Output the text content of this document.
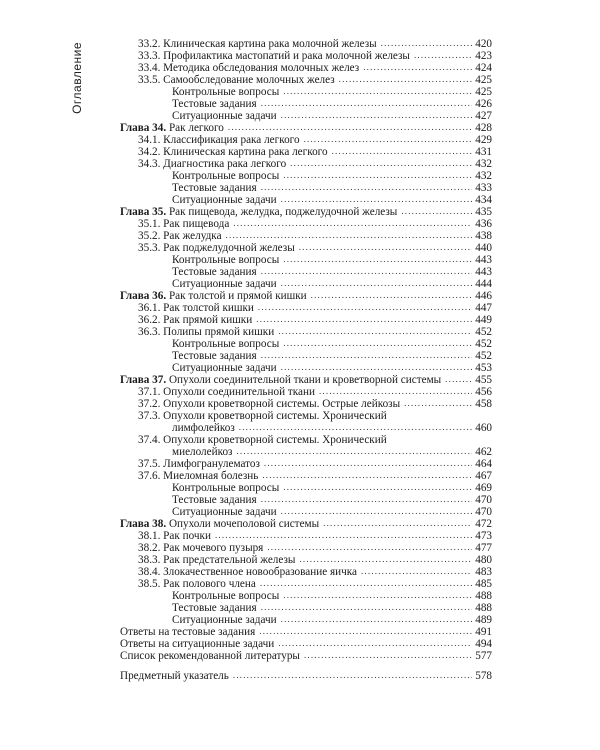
Оглавление	33.2. Клиническая картина рака молочной железы .....	420
33.3. Профилактика мастопатий и рака молочной железы .....	423
33.4. Методика обследования молочных желез .....	424
33.5. Самообследование молочных желез .....	425
Контрольные вопросы .....	425
Тестовые задания .....	426
Ситуационные задачи .....	427
Глава 34. Рак легкого .....	428
34.1. Классификация рака легкого .....	429
34.2. Клиническая картина рака легкого .....	431
34.3. Диагностика рака легкого .....	432
Контрольные вопросы .....	432
Тестовые задания .....	433
Ситуационные задачи .....	434
Глава 35. Рак пищевода, желудка, поджелудочной железы .....	435
35.1. Рак пищевода .....	436
35.2. Рак желудка .....	438
35.3. Рак поджелудочной железы .....	440
Контрольные вопросы .....	443
Тестовые задания .....	443
Ситуационные задачи .....	444
Глава 36. Рак толстой и прямой кишки .....	446
36.1. Рак толстой кишки .....	447
36.2. Рак прямой кишки .....	449
36.3. Полипы прямой кишки .....	452
Контрольные вопросы .....	452
Тестовые задания .....	452
Ситуационные задачи .....	453
Глава 37. Опухоли соединительной ткани и кроветворной системы .....	455
37.1. Опухоли соединительной ткани .....	456
37.2. Опухоли кроветворной системы. Острые лейкозы .....	458
37.3. Опухоли кроветворной системы. Хронический
лимфолейкоз .....	460
37.4. Опухоли кроветворной системы. Хронический
миелолейкоз .....	462
37.5. Лимфогранулематоз .....	464
37.6. Миеломная болезнь .....	467
Контрольные вопросы .....	469
Тестовые задания .....	470
Ситуационные задачи .....	470
Глава 38. Опухоли мочеполовой системы .....	472
38.1. Рак почки .....	473
38.2. Рак мочевого пузыря .....	477
38.3. Рак предстательной железы .....	480
38.4. Злокачественное новообразование яичка .....	483
38.5. Рак полового члена .....	485
Контрольные вопросы .....	488
Тестовые задания .....	488
Ситуационные задачи .....	489
Ответы на тестовые задания .....	491
Ответы на ситуационные задачи .....	494
Список рекомендованной литературы .....	577
Предметный указатель .....	578
